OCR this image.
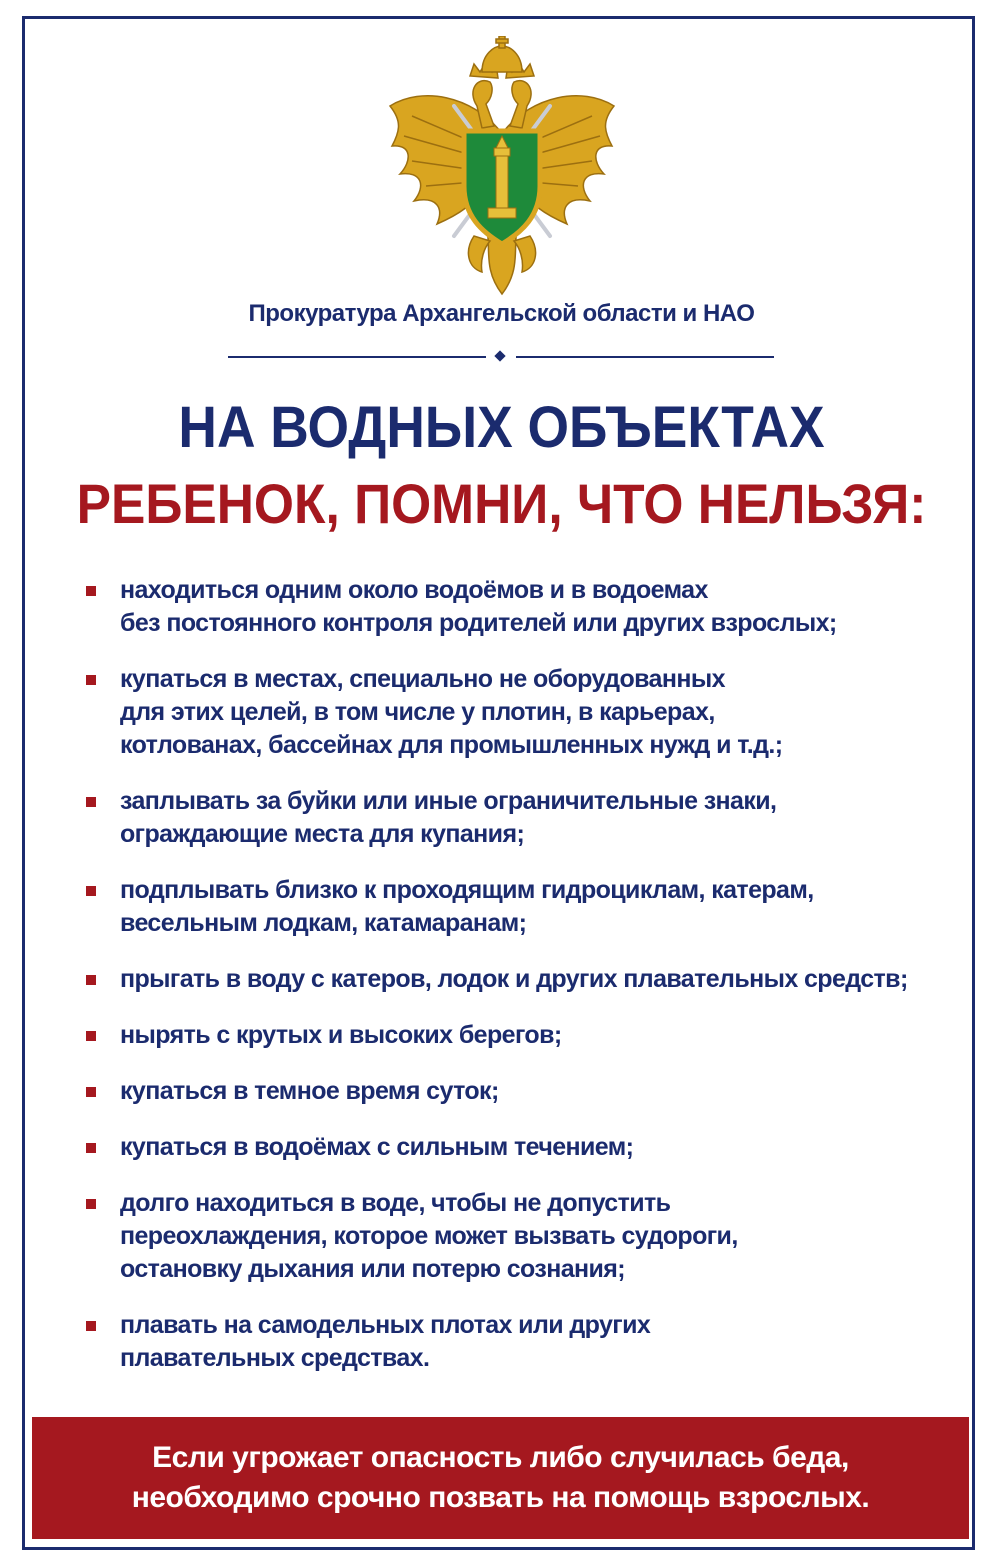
Прокуратура Архангельской области и НАО
НА ВОДНЫХ ОБЪЕКТАХ
РЕБЕНОК, ПОМНИ, ЧТО НЕЛЬЗЯ:
находиться одним около водоёмов и в водоемах
без постоянного контроля родителей или других взрослых;
купаться в местах, специально не оборудованных
для этих целей, в том числе у плотин, в карьерах,
котлованах, бассейнах для промышленных нужд и т.д.;
заплывать за буйки или иные ограничительные знаки,
ограждающие места для купания;
подплывать близко к проходящим гидроциклам, катерам,
весельным лодкам, катамаранам;
прыгать в воду с катеров, лодок и других плавательных средств;
нырять с крутых и высоких берегов;
купаться в темное время суток;
купаться в водоёмах с сильным течением;
долго находиться в воде, чтобы не допустить
переохлаждения, которое может вызвать судороги,
остановку дыхания или потерю сознания;
плавать на самодельных плотах или других
плавательных средствах.
Если угрожает опасность либо случилась беда,
необходимо срочно позвать на помощь взрослых.
